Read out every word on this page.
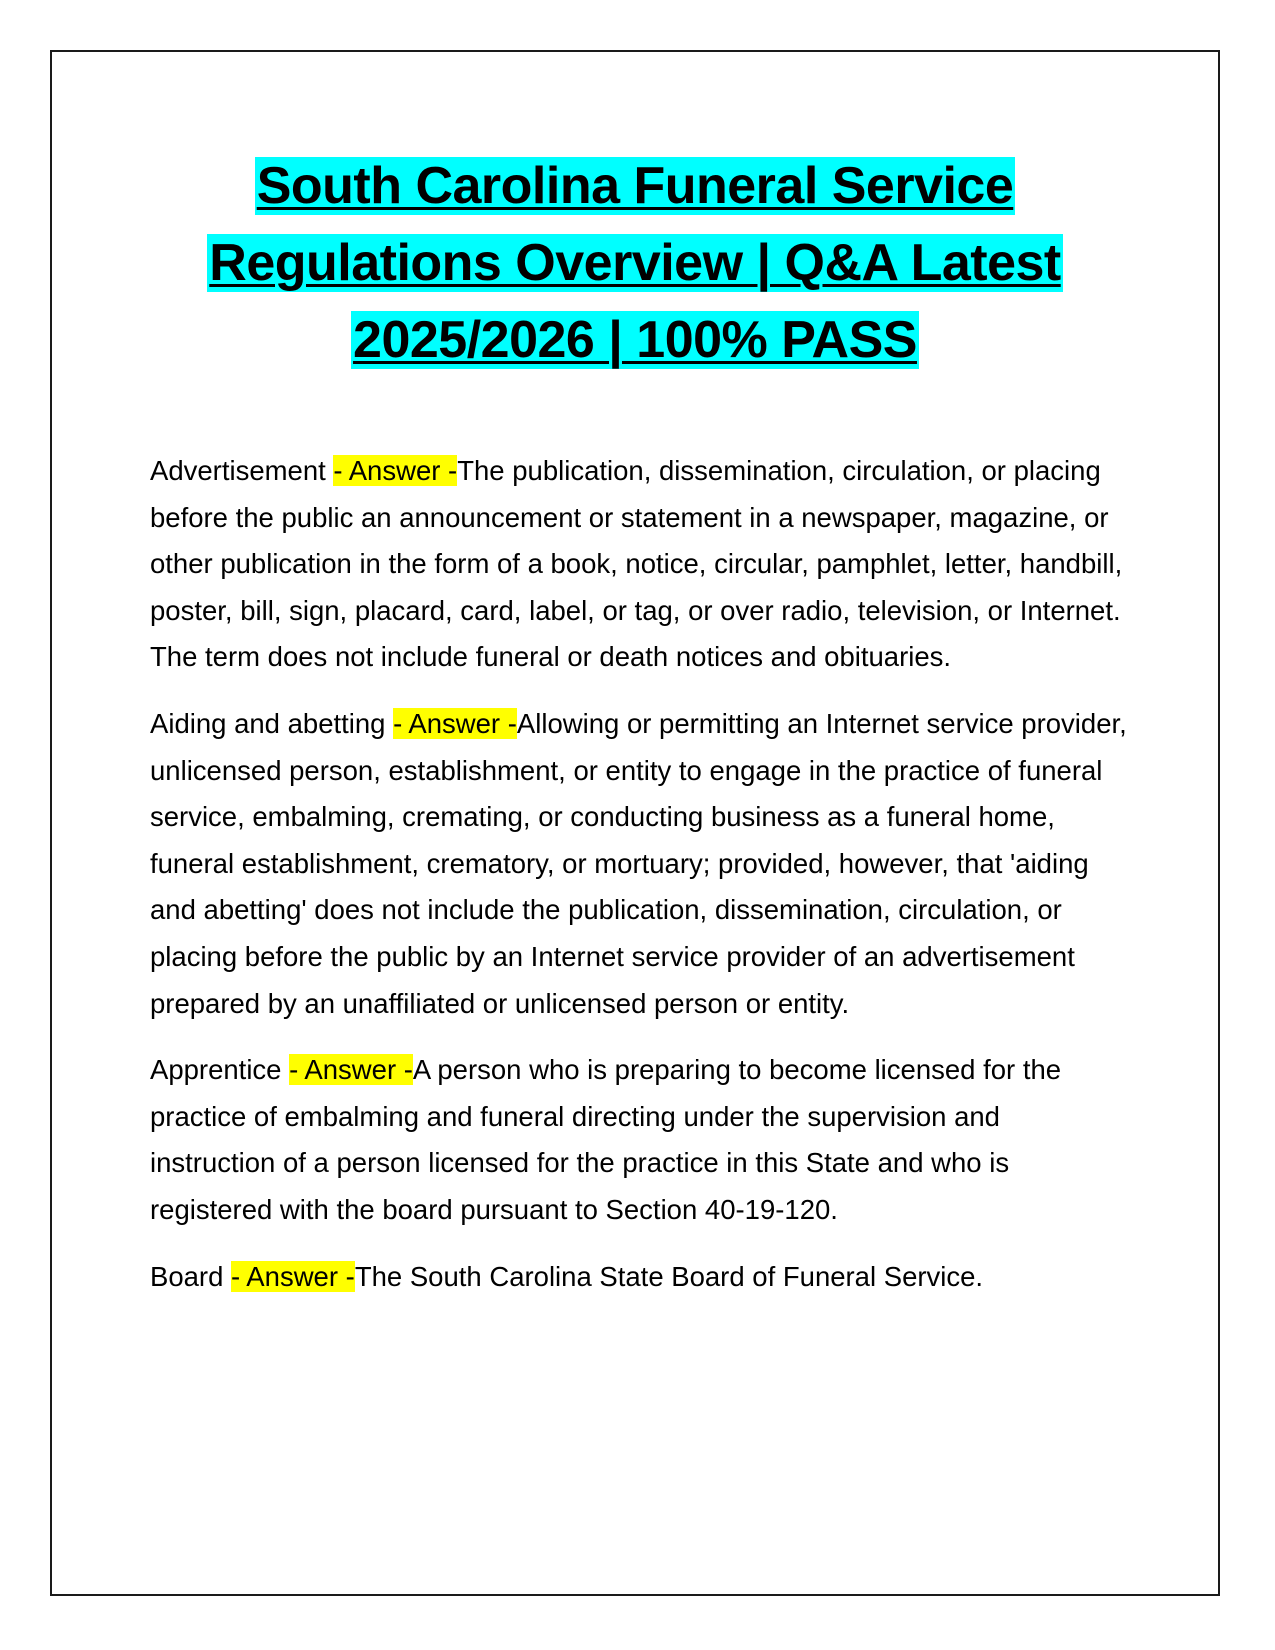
South Carolina Funeral Service
Regulations Overview | Q&A Latest
2025/2026 | 100% PASS

Advertisement - Answer -The publication, dissemination, circulation, or placing before the public an announcement or statement in a newspaper, magazine, or other publication in the form of a book, notice, circular, pamphlet, letter, handbill, poster, bill, sign, placard, card, label, or tag, or over radio, television, or Internet. The term does not include funeral or death notices and obituaries.

Aiding and abetting - Answer -Allowing or permitting an Internet service provider, unlicensed person, establishment, or entity to engage in the practice of funeral service, embalming, cremating, or conducting business as a funeral home, funeral establishment, crematory, or mortuary; provided, however, that 'aiding and abetting' does not include the publication, dissemination, circulation, or placing before the public by an Internet service provider of an advertisement prepared by an unaffiliated or unlicensed person or entity.

Apprentice - Answer -A person who is preparing to become licensed for the practice of embalming and funeral directing under the supervision and instruction of a person licensed for the practice in this State and who is registered with the board pursuant to Section 40-19-120.

Board - Answer -The South Carolina State Board of Funeral Service.
